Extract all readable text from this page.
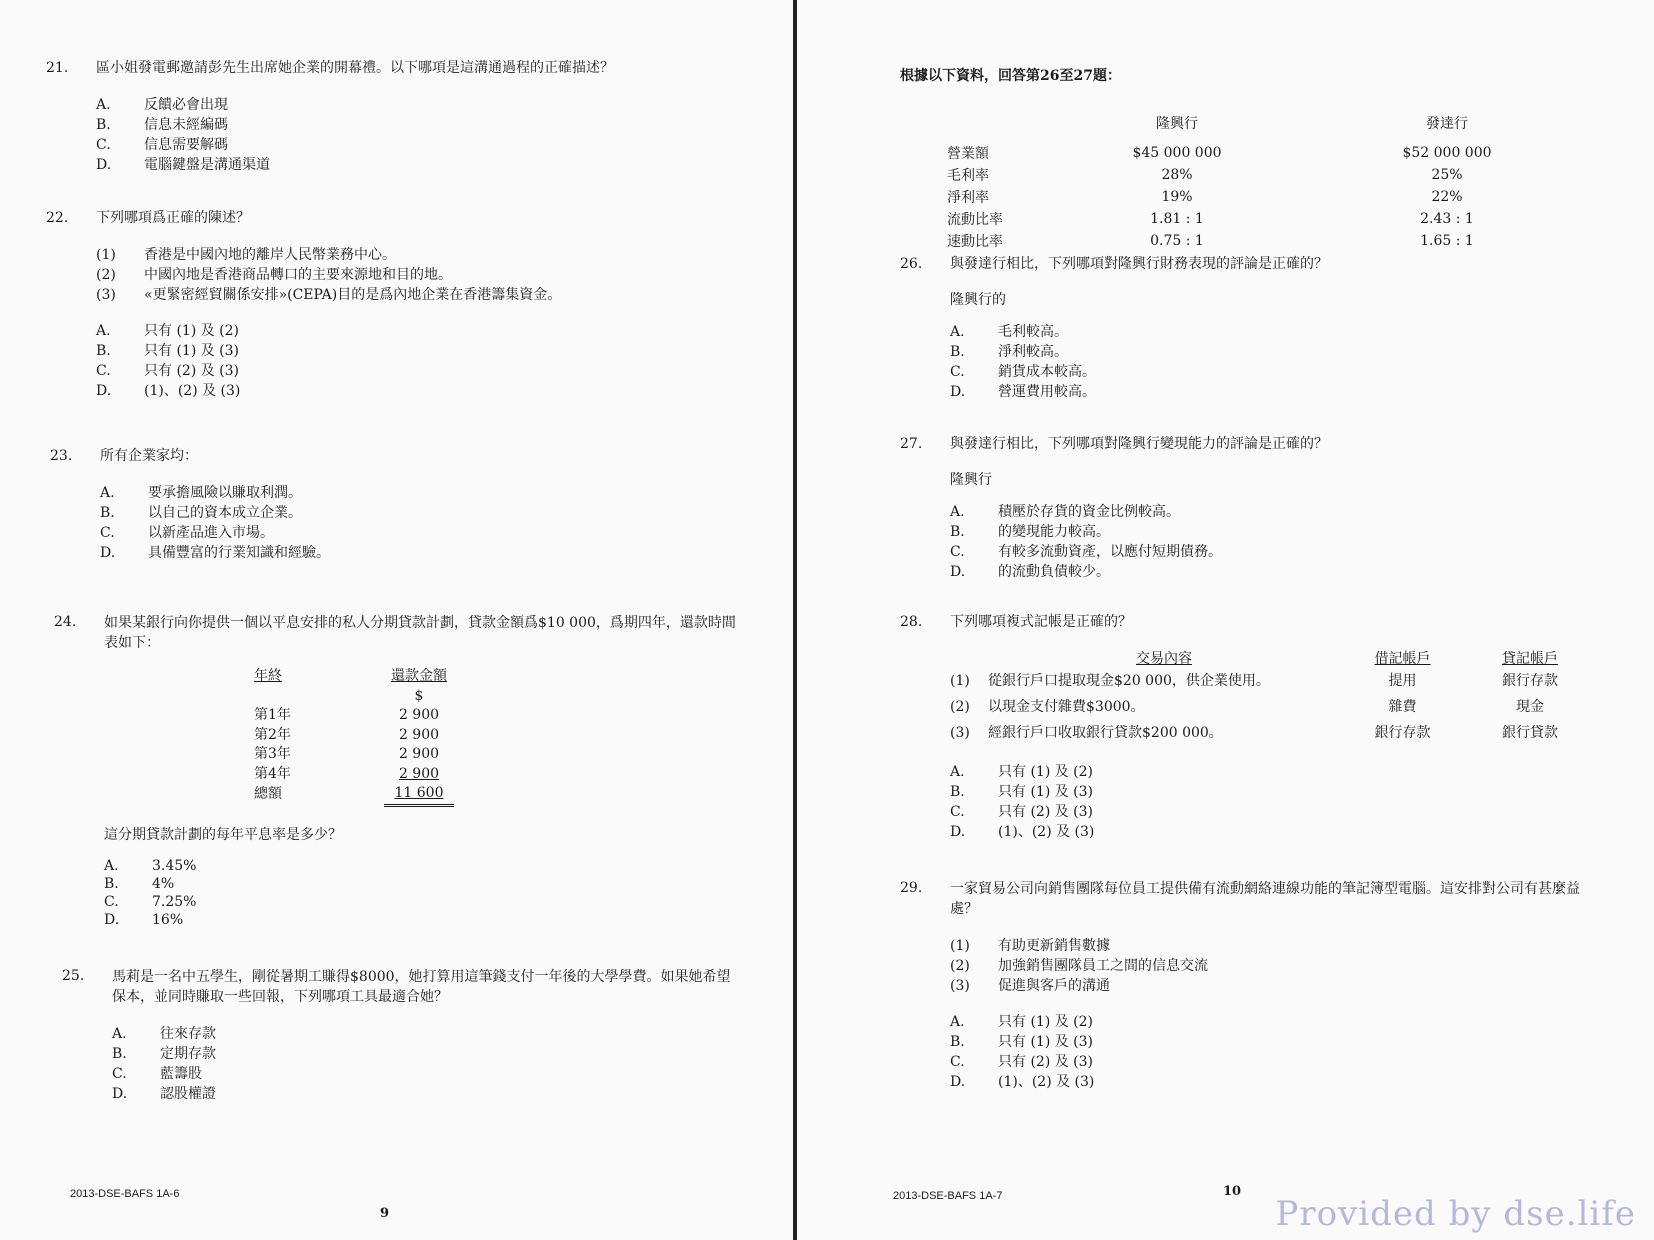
21.	區小姐發電郵邀請彭先生出席她企業的開幕禮。以下哪項是這溝通過程的正確描述？
A.	反饋必會出現
B.	信息未經編碼
C.	信息需要解碼
D.	電腦鍵盤是溝通渠道
22.	下列哪項爲正確的陳述？
(1)	香港是中國內地的離岸人民幣業務中心。
(2)	中國內地是香港商品轉口的主要來源地和目的地。
(3)	«更緊密經貿關係安排»(CEPA)目的是爲內地企業在香港籌集資金。
A.	只有 (1) 及 (2)
B.	只有 (1) 及 (3)
C.	只有 (2) 及 (3)
D.	(1)、(2) 及 (3)
23.	所有企業家均：
A.	要承擔風險以賺取利潤。
B.	以自己的資本成立企業。
C.	以新產品進入市場。
D.	具備豐富的行業知識和經驗。
24.	如果某銀行向你提供一個以平息安排的私人分期貸款計劃，貸款金額爲$10 000，爲期四年，還款時間表如下：
年終	還款金額
	$
第1年	2 900
第2年	2 900
第3年	2 900
第4年	2 900
總額	11 600
這分期貸款計劃的每年平息率是多少？
A.	3.45%
B.	4%
C.	7.25%
D.	16%
25.	馬莉是一名中五學生，剛從暑期工賺得$8000，她打算用這筆錢支付一年後的大學學費。如果她希望保本，並同時賺取一些回報，下列哪項工具最適合她？
A.	往來存款
B.	定期存款
C.	藍籌股
D.	認股權證
2013-DSE-BAFS 1A-6
9
根據以下資料，回答第26至27題：
	隆興行		發達行

營業額	$45 000 000		$52 000 000
毛利率	28%		25%
淨利率	19%		22%
流動比率	1.81 : 1		2.43 : 1
速動比率	0.75 : 1		1.65 : 1
26.	與發達行相比，下列哪項對隆興行財務表現的評論是正確的？
隆興行的
A.	毛利較高。
B.	淨利較高。
C.	銷貨成本較高。
D.	營運費用較高。
27.	與發達行相比，下列哪項對隆興行變現能力的評論是正確的？
隆興行
A.	積壓於存貨的資金比例較高。
B.	的變現能力較高。
C.	有較多流動資產，以應付短期債務。
D.	的流動負債較少。
28.	下列哪項複式記帳是正確的？
	交易內容	借記帳戶	貸記帳戶
(1)	從銀行戶口提取現金$20 000，供企業使用。	提用	銀行存款
(2)	以現金支付雜費$3000。	雜費	現金
(3)	經銀行戶口收取銀行貸款$200 000。	銀行存款	銀行貸款
A.	只有 (1) 及 (2)
B.	只有 (1) 及 (3)
C.	只有 (2) 及 (3)
D.	(1)、(2) 及 (3)
29.	一家貿易公司向銷售團隊每位員工提供備有流動網絡連線功能的筆記簿型電腦。這安排對公司有甚麼益處？
(1)	有助更新銷售數據
(2)	加強銷售團隊員工之間的信息交流
(3)	促進與客戶的溝通
A.	只有 (1) 及 (2)
B.	只有 (1) 及 (3)
C.	只有 (2) 及 (3)
D.	(1)、(2) 及 (3)
2013-DSE-BAFS 1A-7	10
Provided by dse.life
